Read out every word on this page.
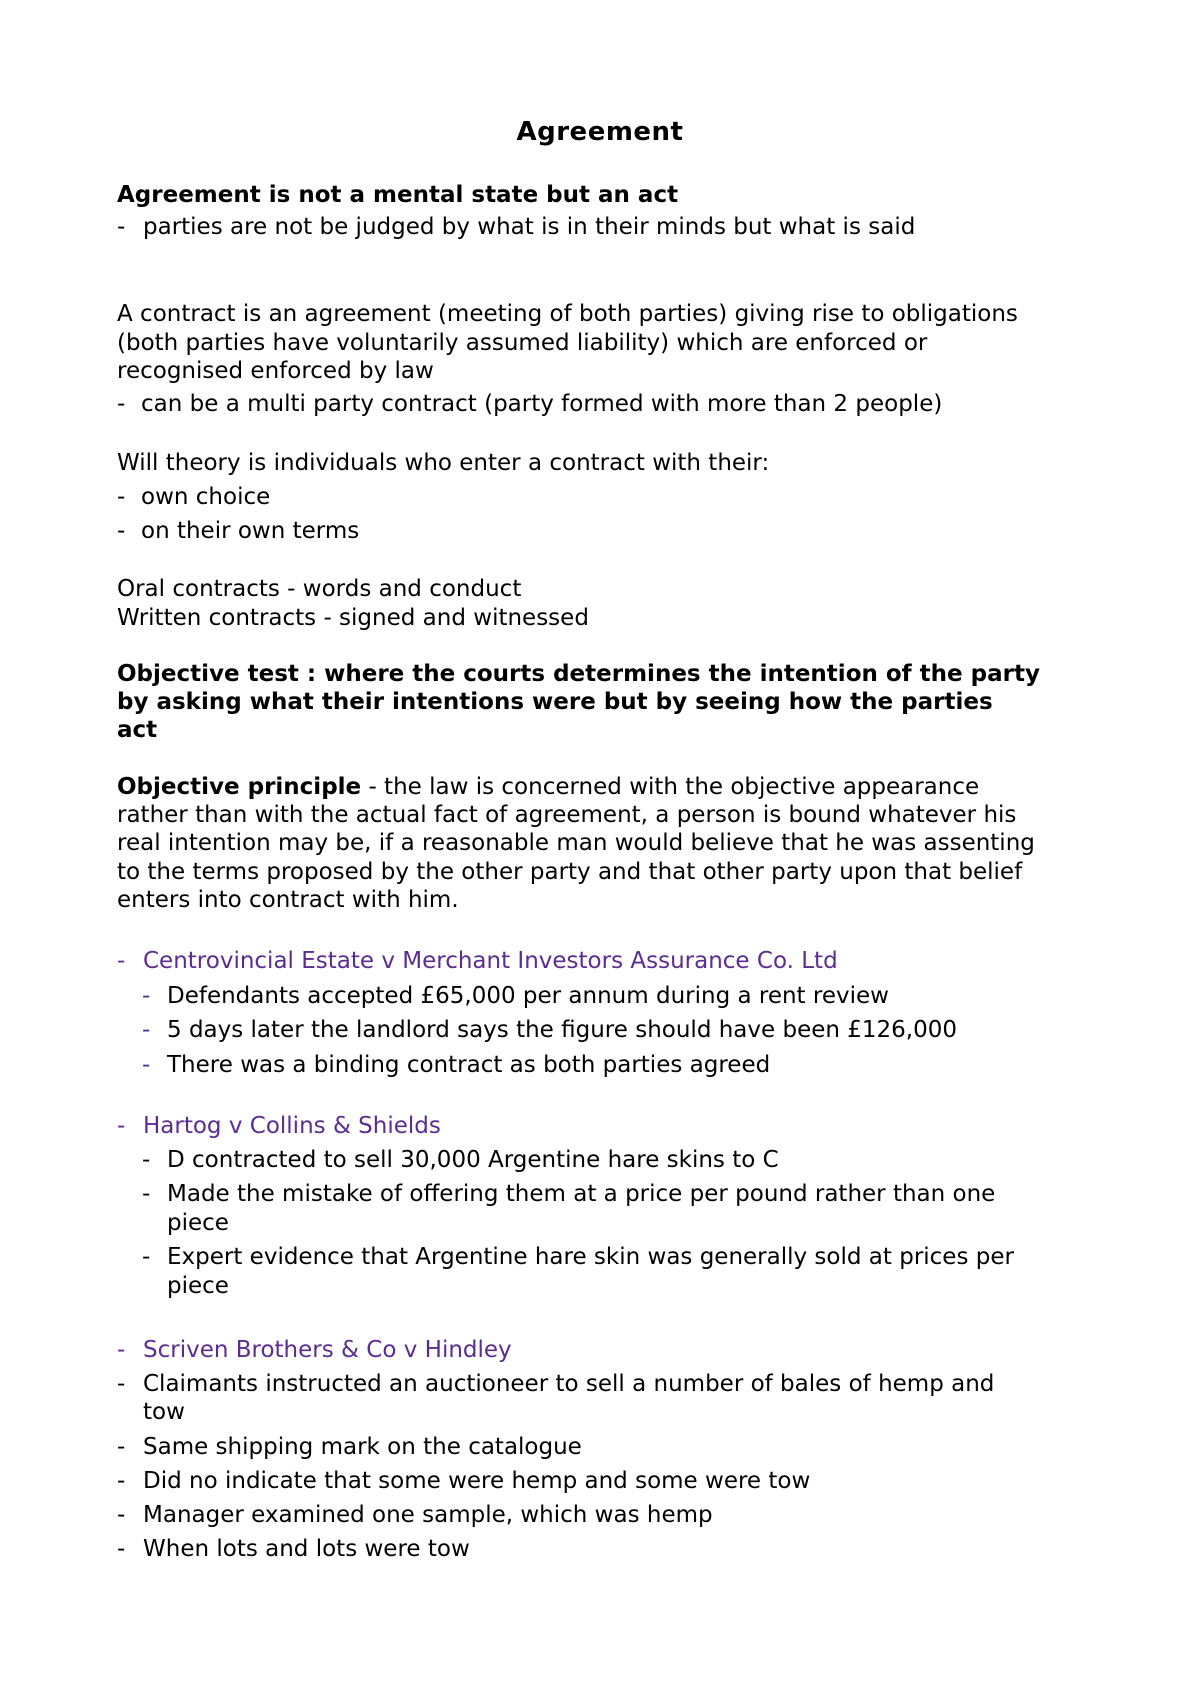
Agreement
Agreement is not a mental state but an act
- parties are not be judged by what is in their minds but what is said
A contract is an agreement (meeting of both parties) giving rise to obligations
(both parties have voluntarily assumed liability) which are enforced or
recognised enforced by law
- can be a multi party contract (party formed with more than 2 people)
Will theory is individuals who enter a contract with their:
- own choice
- on their own terms
Oral contracts - words and conduct
Written contracts - signed and witnessed
Objective test : where the courts determines the intention of the party
by asking what their intentions were but by seeing how the parties
act
Objective principle - the law is concerned with the objective appearance
rather than with the actual fact of agreement, a person is bound whatever his
real intention may be, if a reasonable man would believe that he was assenting
to the terms proposed by the other party and that other party upon that belief
enters into contract with him.
- Centrovincial Estate v Merchant Investors Assurance Co. Ltd
- Defendants accepted £65,000 per annum during a rent review
- 5 days later the landlord says the figure should have been £126,000
- There was a binding contract as both parties agreed
- Hartog v Collins & Shields
- D contracted to sell 30,000 Argentine hare skins to C
- Made the mistake of offering them at a price per pound rather than one
piece
- Expert evidence that Argentine hare skin was generally sold at prices per
piece
- Scriven Brothers & Co v Hindley
- Claimants instructed an auctioneer to sell a number of bales of hemp and
tow
- Same shipping mark on the catalogue
- Did no indicate that some were hemp and some were tow
- Manager examined one sample, which was hemp
- When lots and lots were tow
